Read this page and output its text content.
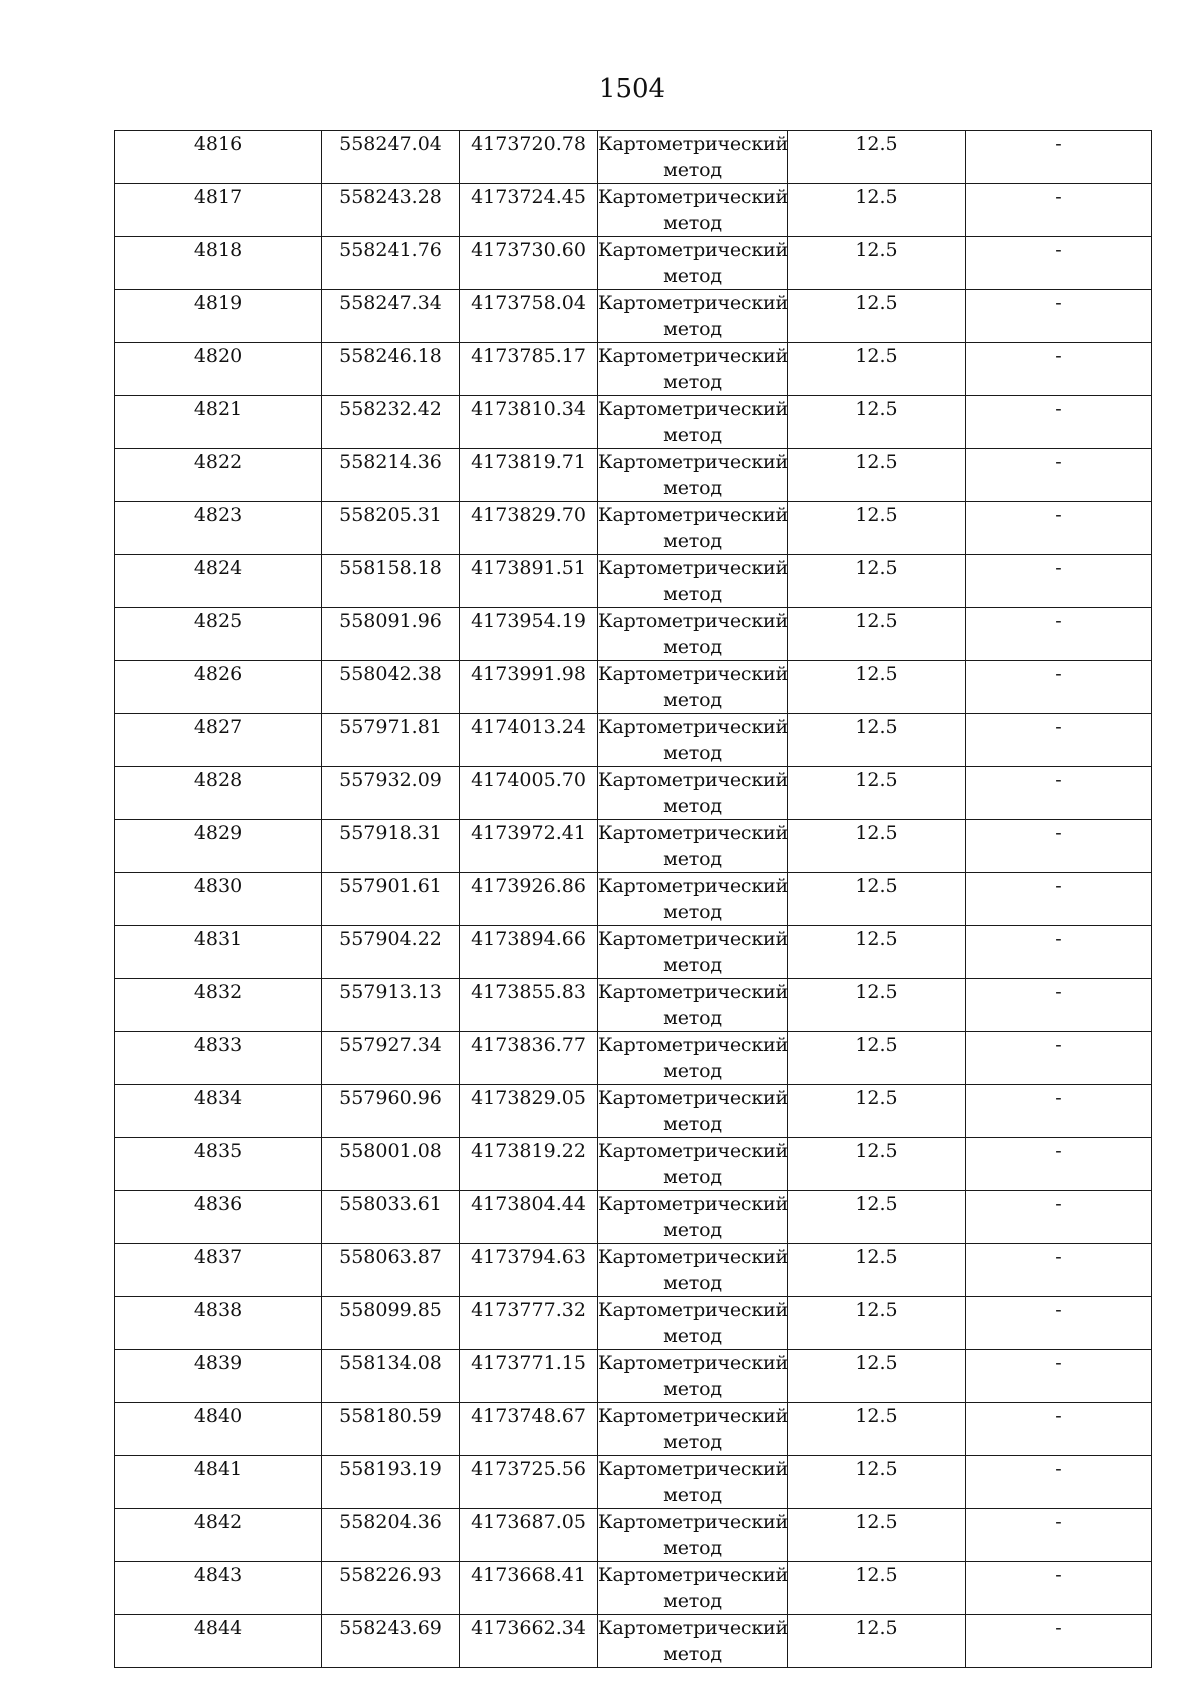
1504
4816	558247.04	4173720.78	Картометрический метод	12.5	-

4817	558243.28	4173724.45	Картометрический метод	12.5	-

4818	558241.76	4173730.60	Картометрический метод	12.5	-

4819	558247.34	4173758.04	Картометрический метод	12.5	-

4820	558246.18	4173785.17	Картометрический метод	12.5	-

4821	558232.42	4173810.34	Картометрический метод	12.5	-

4822	558214.36	4173819.71	Картометрический метод	12.5	-

4823	558205.31	4173829.70	Картометрический метод	12.5	-

4824	558158.18	4173891.51	Картометрический метод	12.5	-

4825	558091.96	4173954.19	Картометрический метод	12.5	-

4826	558042.38	4173991.98	Картометрический метод	12.5	-

4827	557971.81	4174013.24	Картометрический метод	12.5	-

4828	557932.09	4174005.70	Картометрический метод	12.5	-

4829	557918.31	4173972.41	Картометрический метод	12.5	-

4830	557901.61	4173926.86	Картометрический метод	12.5	-

4831	557904.22	4173894.66	Картометрический метод	12.5	-

4832	557913.13	4173855.83	Картометрический метод	12.5	-

4833	557927.34	4173836.77	Картометрический метод	12.5	-

4834	557960.96	4173829.05	Картометрический метод	12.5	-

4835	558001.08	4173819.22	Картометрический метод	12.5	-

4836	558033.61	4173804.44	Картометрический метод	12.5	-

4837	558063.87	4173794.63	Картометрический метод	12.5	-

4838	558099.85	4173777.32	Картометрический метод	12.5	-

4839	558134.08	4173771.15	Картометрический метод	12.5	-

4840	558180.59	4173748.67	Картометрический метод	12.5	-

4841	558193.19	4173725.56	Картометрический метод	12.5	-

4842	558204.36	4173687.05	Картометрический метод	12.5	-

4843	558226.93	4173668.41	Картометрический метод	12.5	-

4844	558243.69	4173662.34	Картометрический метод	12.5	-
